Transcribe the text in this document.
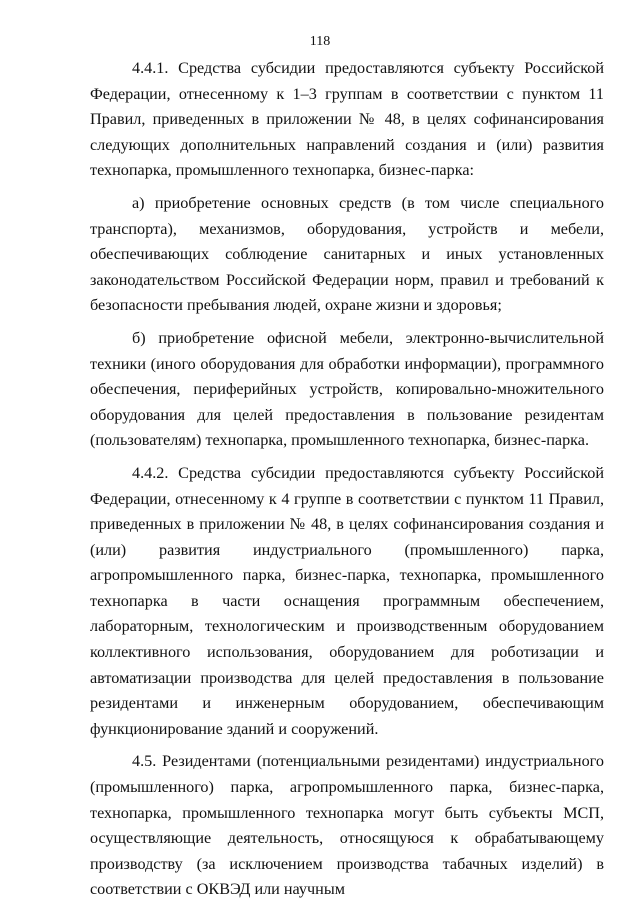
118

4.4.1. Средства субсидии предоставляются субъекту Российской Федерации, отнесенному к 1–3 группам в соответствии с пунктом 11 Правил, приведенных в приложении № 48, в целях софинансирования следующих дополнительных направлений создания и (или) развития технопарка, промышленного технопарка, бизнес-парка:

а) приобретение основных средств (в том числе специального транспорта), механизмов, оборудования, устройств и мебели, обеспечивающих соблюдение санитарных и иных установленных законодательством Российской Федерации норм, правил и требований к безопасности пребывания людей, охране жизни и здоровья;

б) приобретение офисной мебели, электронно-вычислительной техники (иного оборудования для обработки информации), программного обеспечения, периферийных устройств, копировально-множительного оборудования для целей предоставления в пользование резидентам (пользователям) технопарка, промышленного технопарка, бизнес-парка.

4.4.2. Средства субсидии предоставляются субъекту Российской Федерации, отнесенному к 4 группе в соответствии с пунктом 11 Правил, приведенных в приложении № 48, в целях софинансирования создания и (или) развития индустриального (промышленного) парка, агропромышленного парка, бизнес-парка, технопарка, промышленного технопарка в части оснащения программным обеспечением, лабораторным, технологическим и производственным оборудованием коллективного использования, оборудованием для роботизации и автоматизации производства для целей предоставления в пользование резидентами и инженерным оборудованием, обеспечивающим функционирование зданий и сооружений.

4.5. Резидентами (потенциальными резидентами) индустриального (промышленного) парка, агропромышленного парка, бизнес-парка, технопарка, промышленного технопарка могут быть субъекты МСП, осуществляющие деятельность, относящуюся к обрабатывающему производству (за исключением производства табачных изделий) в соответствии с ОКВЭД или научным
